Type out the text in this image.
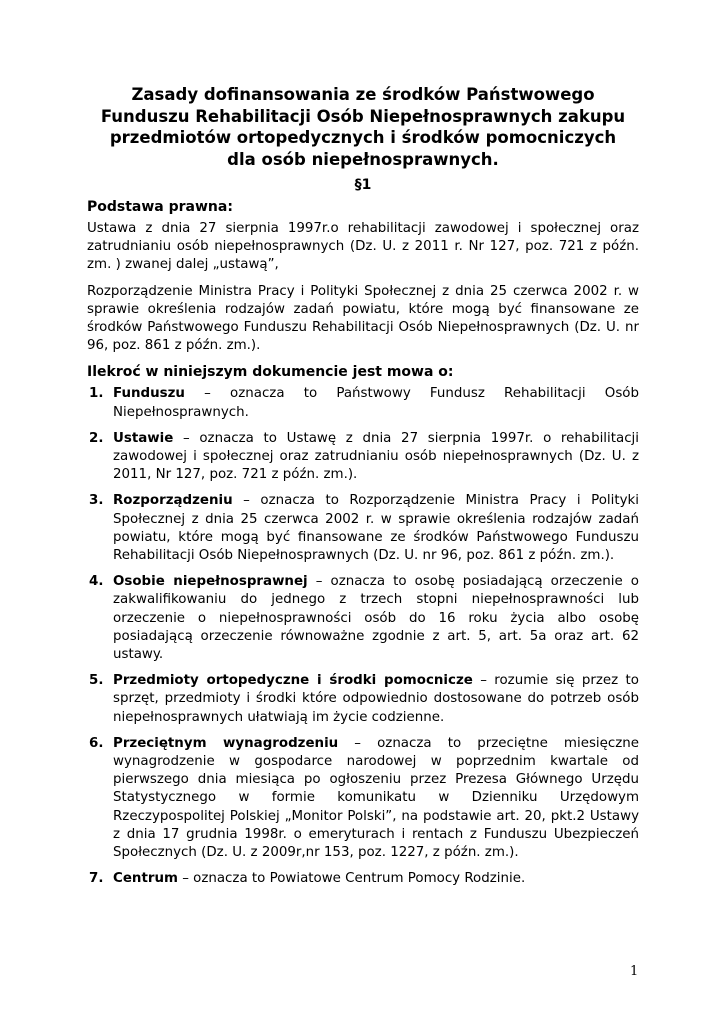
Zasady dofinansowania ze środków Państwowego
Funduszu Rehabilitacji Osób Niepełnosprawnych zakupu
przedmiotów ortopedycznych i środków pomocniczych
dla osób niepełnosprawnych.
§1
Podstawa prawna:

Ustawa z dnia 27 sierpnia 1997r.o rehabilitacji zawodowej i społecznej oraz zatrudnianiu osób niepełnosprawnych (Dz. U. z 2011 r. Nr 127, poz. 721 z późn. zm. ) zwanej dalej „ustawą”,

Rozporządzenie Ministra Pracy i Polityki Społecznej z dnia 25 czerwca 2002 r. w sprawie określenia rodzajów zadań powiatu, które mogą być finansowane ze środków Państwowego Funduszu Rehabilitacji Osób Niepełnosprawnych (Dz. U. nr 96, poz. 861 z późn. zm.).

Ilekroć w niniejszym dokumencie jest mowa o:
1. Funduszu – oznacza to Państwowy Fundusz Rehabilitacji Osób Niepełnosprawnych.
2. Ustawie – oznacza to Ustawę z dnia 27 sierpnia 1997r. o rehabilitacji zawodowej i społecznej oraz zatrudnianiu osób niepełnosprawnych (Dz. U. z 2011, Nr 127, poz. 721 z późn. zm.).
3. Rozporządzeniu – oznacza to Rozporządzenie Ministra Pracy i Polityki Społecznej z dnia 25 czerwca 2002 r. w sprawie określenia rodzajów zadań powiatu, które mogą być finansowane ze środków Państwowego Funduszu Rehabilitacji Osób Niepełnosprawnych (Dz. U. nr 96, poz. 861 z późn. zm.).
4. Osobie niepełnosprawnej – oznacza to osobę posiadającą orzeczenie o zakwalifikowaniu do jednego z trzech stopni niepełnosprawności lub orzeczenie o niepełnosprawności osób do 16 roku życia albo osobę posiadającą orzeczenie równoważne zgodnie z art. 5, art. 5a oraz art. 62 ustawy.
5. Przedmioty ortopedyczne i środki pomocnicze – rozumie się przez to sprzęt, przedmioty i środki które odpowiednio dostosowane do potrzeb osób niepełnosprawnych ułatwiają im życie codzienne.
6. Przeciętnym wynagrodzeniu – oznacza to przeciętne miesięczne wynagrodzenie w gospodarce narodowej w poprzednim kwartale od pierwszego dnia miesiąca po ogłoszeniu przez Prezesa Głównego Urzędu Statystycznego w formie komunikatu w Dzienniku Urzędowym Rzeczypospolitej Polskiej „Monitor Polski”, na podstawie art. 20, pkt.2 Ustawy z dnia 17 grudnia 1998r. o emeryturach i rentach z Funduszu Ubezpieczeń Społecznych (Dz. U. z 2009r,nr 153, poz. 1227, z późn. zm.).
7. Centrum – oznacza to Powiatowe Centrum Pomocy Rodzinie.
1
